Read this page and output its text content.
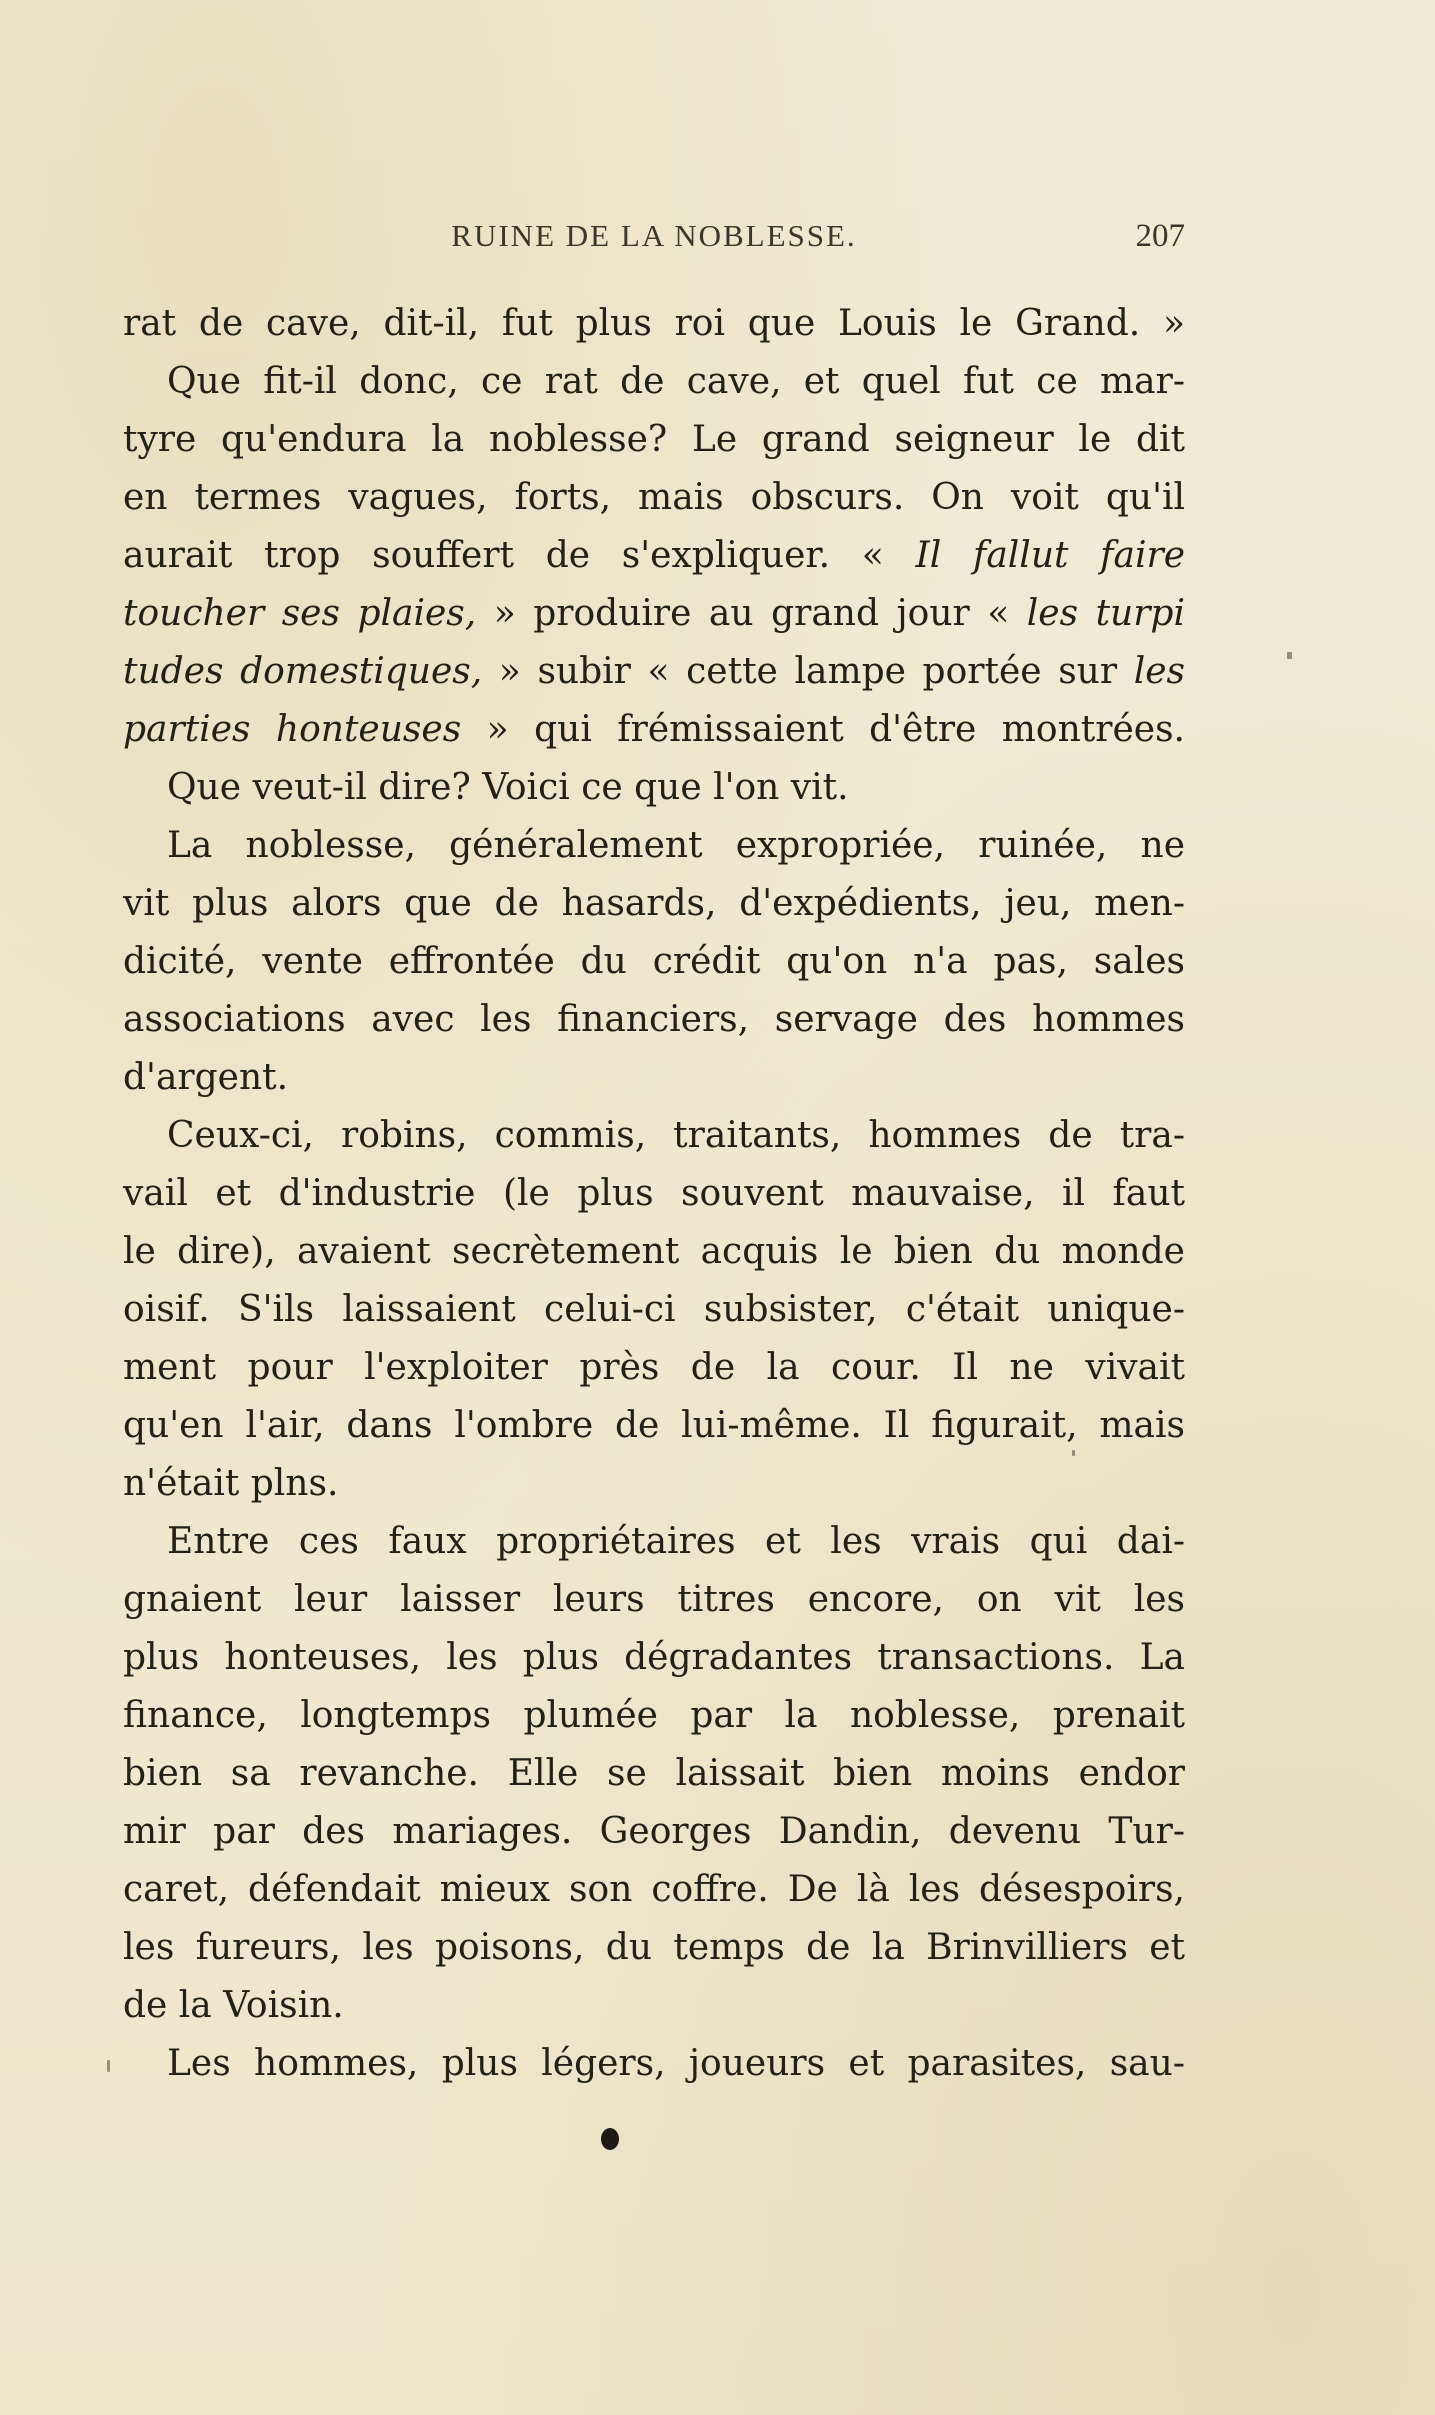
RUINE DE LA NOBLESSE.	207
rat de cave, dit-il, fut plus roi que Louis le Grand. »
Que fit-il donc, ce rat de cave, et quel fut ce mar-
tyre qu'endura la noblesse? Le grand seigneur le dit
en termes vagues, forts, mais obscurs. On voit qu'il
aurait trop souffert de s'expliquer. « Il fallut faire
toucher ses plaies, » produire au grand jour « les turpi
tudes domestiques, » subir « cette lampe portée sur les
parties honteuses » qui frémissaient d'être montrées.
Que veut-il dire? Voici ce que l'on vit.
La noblesse, généralement expropriée, ruinée, ne
vit plus alors que de hasards, d'expédients, jeu, men-
dicité, vente effrontée du crédit qu'on n'a pas, sales
associations avec les financiers, servage des hommes
d'argent.
Ceux-ci, robins, commis, traitants, hommes de tra-
vail et d'industrie (le plus souvent mauvaise, il faut
le dire), avaient secrètement acquis le bien du monde
oisif. S'ils laissaient celui-ci subsister, c'était unique-
ment pour l'exploiter près de la cour. Il ne vivait
qu'en l'air, dans l'ombre de lui-même. Il figurait, mais
n'était plns.
Entre ces faux propriétaires et les vrais qui dai-
gnaient leur laisser leurs titres encore, on vit les
plus honteuses, les plus dégradantes transactions. La
finance, longtemps plumée par la noblesse, prenait
bien sa revanche. Elle se laissait bien moins endor
mir par des mariages. Georges Dandin, devenu Tur-
caret, défendait mieux son coffre. De là les désespoirs,
les fureurs, les poisons, du temps de la Brinvilliers et
de la Voisin.
Les hommes, plus légers, joueurs et parasites, sau-
